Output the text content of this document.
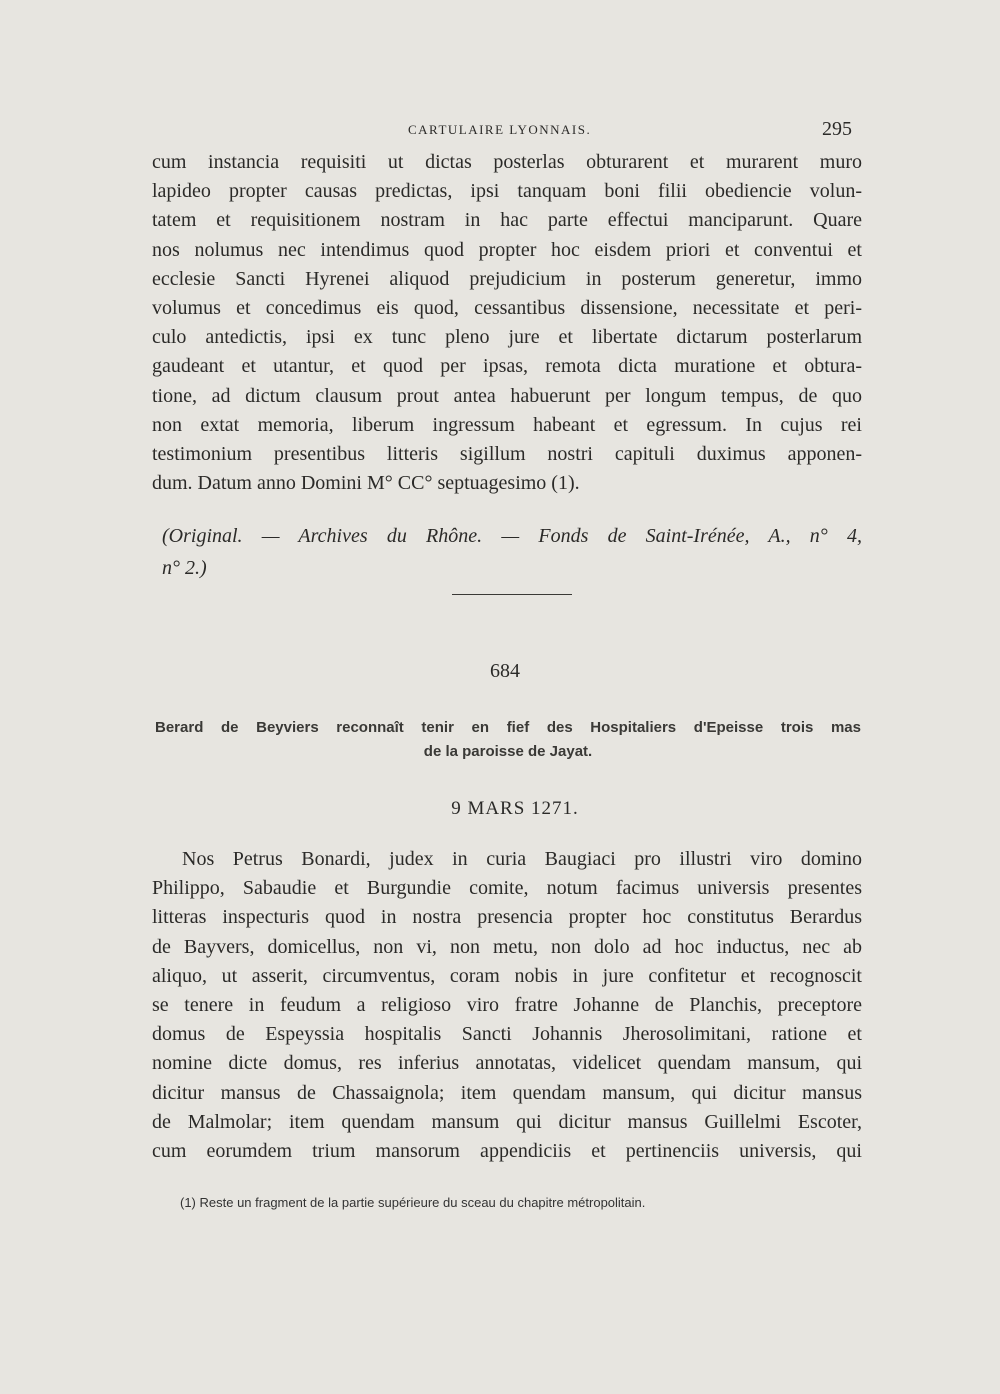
CARTULAIRE LYONNAIS.	295
cum instancia requisiti ut dictas posterlas obturarent et murarent muro
lapideo propter causas predictas, ipsi tanquam boni filii obediencie volun-
tatem et requisitionem nostram in hac parte effectui manciparunt. Quare
nos nolumus nec intendimus quod propter hoc eisdem priori et conventui et
ecclesie Sancti Hyrenei aliquod prejudicium in posterum generetur, immo
volumus et concedimus eis quod, cessantibus dissensione, necessitate et peri-
culo antedictis, ipsi ex tunc pleno jure et libertate dictarum posterlarum
gaudeant et utantur, et quod per ipsas, remota dicta muratione et obtura-
tione, ad dictum clausum prout antea habuerunt per longum tempus, de quo
non extat memoria, liberum ingressum habeant et egressum. In cujus rei
testimonium presentibus litteris sigillum nostri capituli duximus apponen-
dum. Datum anno Domini M° CC° septuagesimo (1).
(Original. — Archives du Rhône. — Fonds de Saint-Irénée, A., n° 4,
n° 2.)
684
Berard de Beyviers reconnaît tenir en fief des Hospitaliers d'Epeisse trois mas
de la paroisse de Jayat.
9 MARS 1271.
Nos Petrus Bonardi, judex in curia Baugiaci pro illustri viro domino
Philippo, Sabaudie et Burgundie comite, notum facimus universis presentes
litteras inspecturis quod in nostra presencia propter hoc constitutus Berardus
de Bayvers, domicellus, non vi, non metu, non dolo ad hoc inductus, nec ab
aliquo, ut asserit, circumventus, coram nobis in jure confitetur et recognoscit
se tenere in feudum a religioso viro fratre Johanne de Planchis, preceptore
domus de Espeyssia hospitalis Sancti Johannis Jherosolimitani, ratione et
nomine dicte domus, res inferius annotatas, videlicet quendam mansum, qui
dicitur mansus de Chassaignola; item quendam mansum, qui dicitur mansus
de Malmolar; item quendam mansum qui dicitur mansus Guillelmi Escoter,
cum eorumdem trium mansorum appendiciis et pertinenciis universis, qui
(1) Reste un fragment de la partie supérieure du sceau du chapitre métropolitain.
